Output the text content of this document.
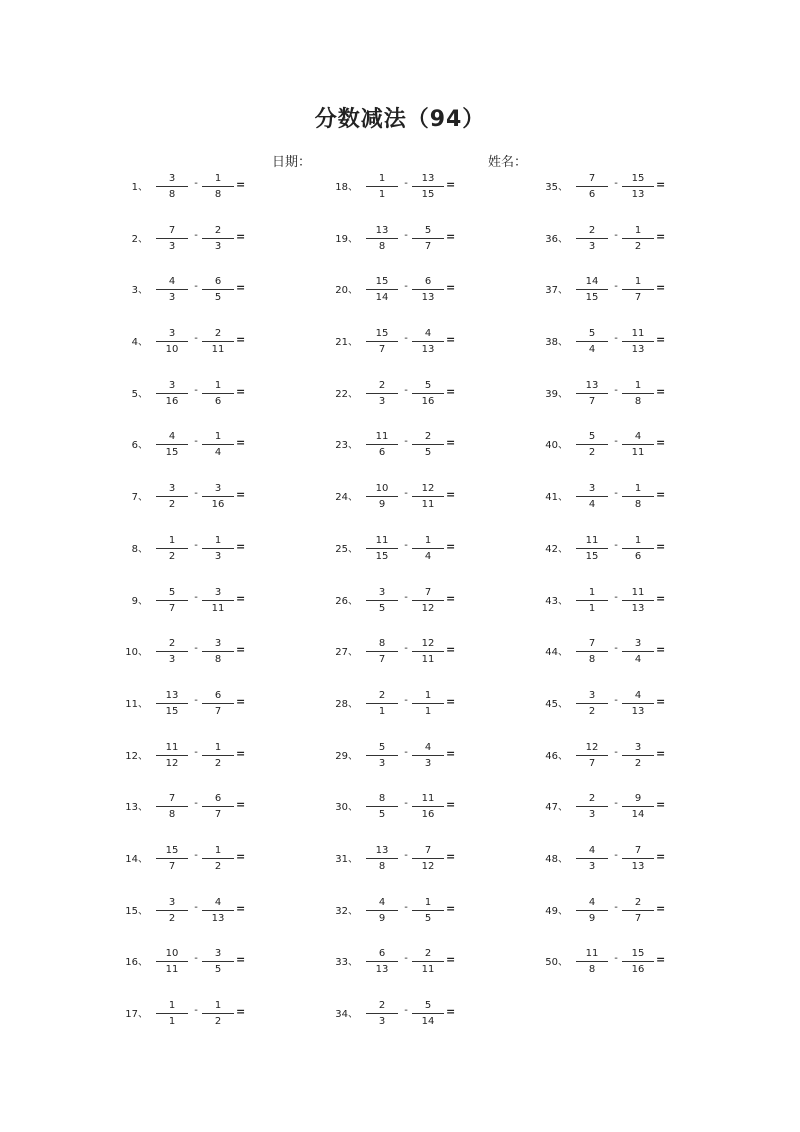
分数减法（94）
日期：	姓名：
1、 $\frac{3}{8} - \frac{1}{8}$ =
2、 $\frac{7}{3} - \frac{2}{3}$ =
3、 $\frac{4}{3} - \frac{6}{5}$ =
4、 $\frac{3}{10} - \frac{2}{11}$ =
5、 $\frac{3}{16} - \frac{1}{6}$ =
6、 $\frac{4}{15} - \frac{1}{4}$ =
7、 $\frac{3}{2} - \frac{3}{16}$ =
8、 $\frac{1}{2} - \frac{1}{3}$ =
9、 $\frac{5}{7} - \frac{3}{11}$ =
10、 $\frac{2}{3} - \frac{3}{8}$ =
11、 $\frac{13}{15} - \frac{6}{7}$ =
12、 $\frac{11}{12} - \frac{1}{2}$ =
13、 $\frac{7}{8} - \frac{6}{7}$ =
14、 $\frac{15}{7} - \frac{1}{2}$ =
15、 $\frac{3}{2} - \frac{4}{13}$ =
16、 $\frac{10}{11} - \frac{3}{5}$ =
17、 $\frac{1}{1} - \frac{1}{2}$ =
18、 $\frac{1}{1} - \frac{13}{15}$ =
19、 $\frac{13}{8} - \frac{5}{7}$ =
20、 $\frac{15}{14} - \frac{6}{13}$ =
21、 $\frac{15}{7} - \frac{4}{13}$ =
22、 $\frac{2}{3} - \frac{5}{16}$ =
23、 $\frac{11}{6} - \frac{2}{5}$ =
24、 $\frac{10}{9} - \frac{12}{11}$ =
25、 $\frac{11}{15} - \frac{1}{4}$ =
26、 $\frac{3}{5} - \frac{7}{12}$ =
27、 $\frac{8}{7} - \frac{12}{11}$ =
28、 $\frac{2}{1} - \frac{1}{1}$ =
29、 $\frac{5}{3} - \frac{4}{3}$ =
30、 $\frac{8}{5} - \frac{11}{16}$ =
31、 $\frac{13}{8} - \frac{7}{12}$ =
32、 $\frac{4}{9} - \frac{1}{5}$ =
33、 $\frac{6}{13} - \frac{2}{11}$ =
34、 $\frac{2}{3} - \frac{5}{14}$ =
35、 $\frac{7}{6} - \frac{15}{13}$ =
36、 $\frac{2}{3} - \frac{1}{2}$ =
37、 $\frac{14}{15} - \frac{1}{7}$ =
38、 $\frac{5}{4} - \frac{11}{13}$ =
39、 $\frac{13}{7} - \frac{1}{8}$ =
40、 $\frac{5}{2} - \frac{4}{11}$ =
41、 $\frac{3}{4} - \frac{1}{8}$ =
42、 $\frac{11}{15} - \frac{1}{6}$ =
43、 $\frac{1}{1} - \frac{11}{13}$ =
44、 $\frac{7}{8} - \frac{3}{4}$ =
45、 $\frac{3}{2} - \frac{4}{13}$ =
46、 $\frac{12}{7} - \frac{3}{2}$ =
47、 $\frac{2}{3} - \frac{9}{14}$ =
48、 $\frac{4}{3} - \frac{7}{13}$ =
49、 $\frac{4}{9} - \frac{2}{7}$ =
50、 $\frac{11}{8} - \frac{15}{16}$ =
